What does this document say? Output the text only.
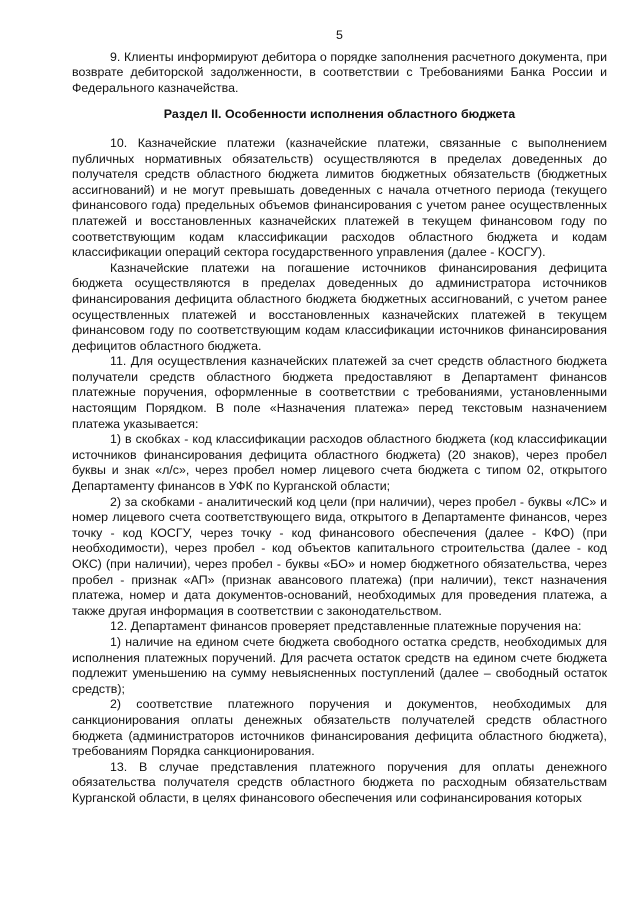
5

9. Клиенты информируют дебитора о порядке заполнения расчетного документа, при возврате дебиторской задолженности, в соответствии с Требованиями Банка России и Федерального казначейства.

Раздел II. Особенности исполнения областного бюджета

10. Казначейские платежи (казначейские платежи, связанные с выполнением публичных нормативных обязательств) осуществляются в пределах доведенных до получателя средств областного бюджета лимитов бюджетных обязательств (бюджетных ассигнований) и не могут превышать доведенных с начала отчетного периода (текущего финансового года) предельных объемов финансирования с учетом ранее осуществленных платежей и восстановленных казначейских платежей в текущем финансовом году по соответствующим кодам классификации расходов областного бюджета и кодам классификации операций сектора государственного управления (далее - КОСГУ).

Казначейские платежи на погашение источников финансирования дефицита бюджета осуществляются в пределах доведенных до администратора источников финансирования дефицита областного бюджета бюджетных ассигнований, с учетом ранее осуществленных платежей и восстановленных казначейских платежей в текущем финансовом году по соответствующим кодам классификации источников финансирования дефицитов областного бюджета.

11. Для осуществления казначейских платежей за счет средств областного бюджета получатели средств областного бюджета предоставляют в Департамент финансов платежные поручения, оформленные в соответствии с требованиями, установленными настоящим Порядком. В поле «Назначения платежа» перед текстовым назначением платежа указывается:

1) в скобках - код классификации расходов областного бюджета (код классификации источников финансирования дефицита областного бюджета) (20 знаков), через пробел буквы и знак «л/с», через пробел номер лицевого счета бюджета с типом 02, открытого Департаменту финансов в УФК по Курганской области;

2) за скобками - аналитический код цели (при наличии), через пробел - буквы «ЛС» и номер лицевого счета соответствующего вида, открытого в Департаменте финансов, через точку - код КОСГУ, через точку - код финансового обеспечения (далее - КФО) (при необходимости), через пробел - код объектов капитального строительства (далее - код ОКС) (при наличии), через пробел - буквы «БО» и номер бюджетного обязательства, через пробел - признак «АП» (признак авансового платежа) (при наличии), текст назначения платежа, номер и дата документов-оснований, необходимых для проведения платежа, а также другая информация в соответствии с законодательством.

12. Департамент финансов проверяет представленные платежные поручения на:

1) наличие на едином счете бюджета свободного остатка средств, необходимых для исполнения платежных поручений. Для расчета остаток средств на едином счете бюджета подлежит уменьшению на сумму невыясненных поступлений (далее – свободный остаток средств);

2) соответствие платежного поручения и документов, необходимых для санкционирования оплаты денежных обязательств получателей средств областного бюджета (администраторов источников финансирования дефицита областного бюджета), требованиям Порядка санкционирования.

13. В случае представления платежного поручения для оплаты денежного обязательства получателя средств областного бюджета по расходным обязательствам Курганской области, в целях финансового обеспечения или софинансирования которых
